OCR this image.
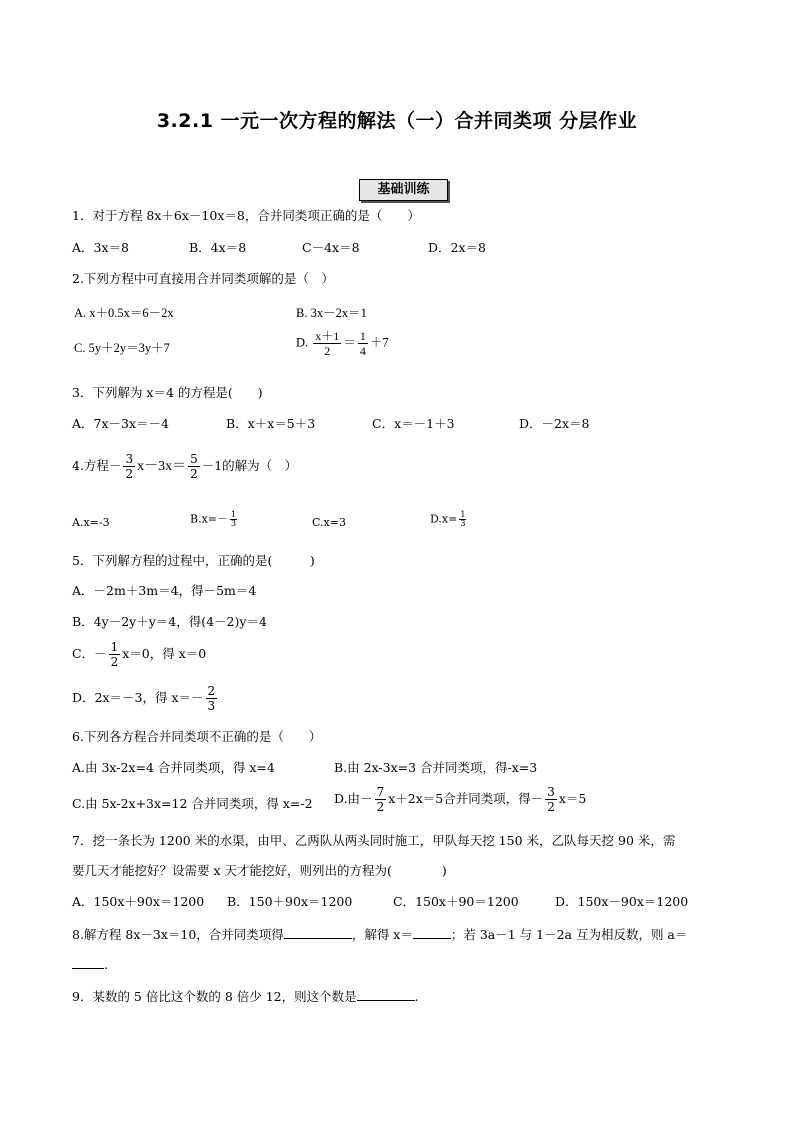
3.2.1 一元一次方程的解法（一）合并同类项 分层作业
基础训练
1．对于方程 8x＋6x－10x＝8，合并同类项正确的是（　　）
A．3x＝8	B．4x＝8	C－4x＝8	D．2x＝8
2.下列方程中可直接用合并同类项解的是（　）
A. x＋0.5x＝6－2x	B. 3x－2x＝1
C. 5y＋2y＝3y＋7	D. $\frac{x+1}{2} = \frac{1}{4} +7$
3．下列解为 x＝4 的方程是(　　)
A．7x－3x＝－4	B．x＋x＝5＋3	C．x＝－1＋3	D．－2x＝8
4.方程－ $\frac{3}{2} x-3x= \frac{5}{2} -1$的解为（　）
A.x=-3	$B.x=- \frac{1}{3}$	C.x=3	$D.x= \frac{1}{3}$
5．下列解方程的过程中，正确的是(　　　)
A．－2m＋3m＝4，得－5m＝4
B．4y－2y＋y＝4，得(4－2)y＝4
C．－ $\frac{1}{2} x=0$，得 x＝0
D．2x＝－3，得 $x=- \frac{2}{3}$
6.下列各方程合并同类项不正确的是（　　）
A.由 3x-2x=4 合并同类项，得 x=4	B.由 2x-3x=3 合并同类项，得-x=3
C.由 5x-2x+3x=12 合并同类项，得 x=-2 D.由－ $\frac{7}{2} x+2x=5$合并同类项，得－ $\frac{3}{2} x=5$
7．挖一条长为 1200 米的水渠，由甲、乙两队从两头同时施工，甲队每天挖 150 米，乙队每天挖 90 米，需
要几天才能挖好？设需要 x 天才能挖好，则列出的方程为(　　　　)
A．150x＋90x＝1200 B．150＋90x＝1200	C．150x＋90＝1200	D．150x－90x＝1200
8.解方程 8x－3x＝10，合并同类项得	，解得 x＝	；若 3a－1 与 1－2a 互为相反数，则 a＝
.
9．某数的 5 倍比这个数的 8 倍少 12，则这个数是	.
